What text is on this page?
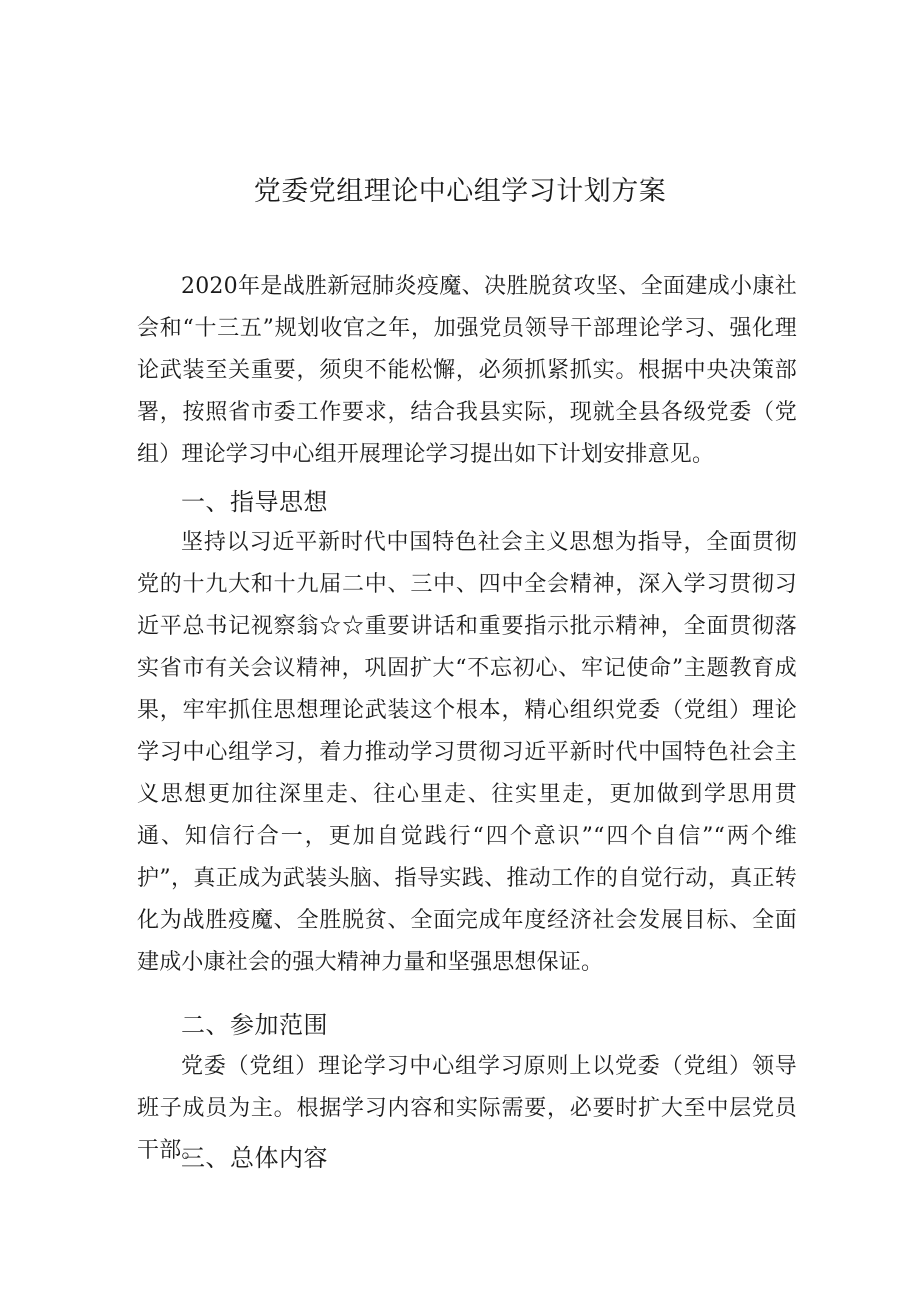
党委党组理论中心组学习计划方案

2020年是战胜新冠肺炎疫魔、决胜脱贫攻坚、全面建成小康社会和“十三五”规划收官之年，加强党员领导干部理论学习、强化理论武装至关重要，须臾不能松懈，必须抓紧抓实。根据中央决策部署，按照省市委工作要求，结合我县实际，现就全县各级党委（党组）理论学习中心组开展理论学习提出如下计划安排意见。

一、指导思想

坚持以习近平新时代中国特色社会主义思想为指导，全面贯彻党的十九大和十九届二中、三中、四中全会精神，深入学习贯彻习近平总书记视察翁☆☆重要讲话和重要指示批示精神，全面贯彻落实省市有关会议精神，巩固扩大“不忘初心、牢记使命”主题教育成果，牢牢抓住思想理论武装这个根本，精心组织党委（党组）理论学习中心组学习，着力推动学习贯彻习近平新时代中国特色社会主义思想更加往深里走、往心里走、往实里走，更加做到学思用贯通、知信行合一，更加自觉践行“四个意识”“四个自信”“两个维护”，真正成为武装头脑、指导实践、推动工作的自觉行动，真正转化为战胜疫魔、全胜脱贫、全面完成年度经济社会发展目标、全面建成小康社会的强大精神力量和坚强思想保证。

二、参加范围

党委（党组）理论学习中心组学习原则上以党委（党组）领导班子成员为主。根据学习内容和实际需要，必要时扩大至中层党员干部。

三、总体内容
